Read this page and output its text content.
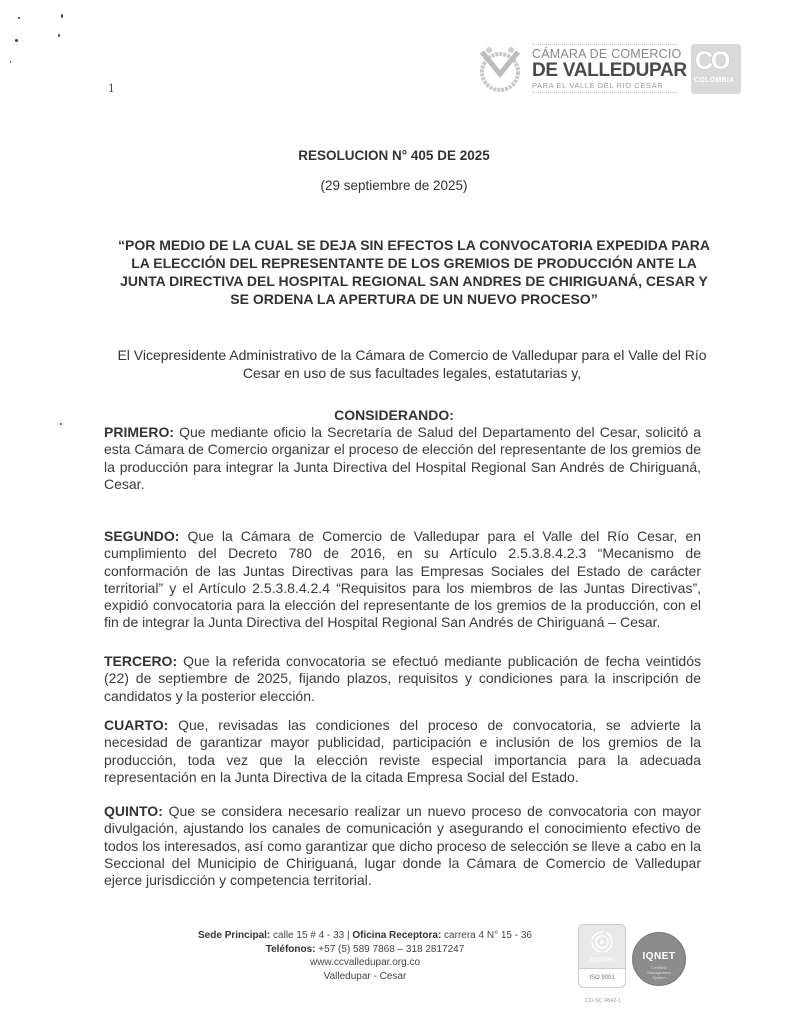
1
CÁMARA DE COMERCIO
DE VALLEDUPAR
PARA EL VALLE DEL RIO CESAR
CO
COLOMBIA
RESOLUCION N° 405 DE 2025
(29 septiembre de 2025)
“POR MEDIO DE LA CUAL SE DEJA SIN EFECTOS LA CONVOCATORIA EXPEDIDA PARA LA ELECCIÓN DEL REPRESENTANTE DE LOS GREMIOS DE PRODUCCIÓN ANTE LA JUNTA DIRECTIVA DEL HOSPITAL REGIONAL SAN ANDRES DE CHIRIGUANÁ, CESAR Y SE ORDENA LA APERTURA DE UN NUEVO PROCESO”
El Vicepresidente Administrativo de la Cámara de Comercio de Valledupar para el Valle del Río Cesar en uso de sus facultades legales, estatutarias y,
CONSIDERANDO:
PRIMERO: Que mediante oficio la Secretaría de Salud del Departamento del Cesar, solicitó a esta Cámara de Comercio organizar el proceso de elección del representante de los gremios de la producción para integrar la Junta Directiva del Hospital Regional San Andrés de Chiriguaná, Cesar.
SEGUNDO: Que la Cámara de Comercio de Valledupar para el Valle del Río Cesar, en cumplimiento del Decreto 780 de 2016, en su Artículo 2.5.3.8.4.2.3 “Mecanismo de conformación de las Juntas Directivas para las Empresas Sociales del Estado de carácter territorial” y el Artículo 2.5.3.8.4.2.4 “Requisitos para los miembros de las Juntas Directivas”, expidió convocatoria para la elección del representante de los gremios de la producción, con el fin de integrar la Junta Directiva del Hospital Regional San Andrés de Chiriguaná – Cesar.
TERCERO: Que la referida convocatoria se efectuó mediante publicación de fecha veintidós (22) de septiembre de 2025, fijando plazos, requisitos y condiciones para la inscripción de candidatos y la posterior elección.
CUARTO: Que, revisadas las condiciones del proceso de convocatoria, se advierte la necesidad de garantizar mayor publicidad, participación e inclusión de los gremios de la producción, toda vez que la elección reviste especial importancia para la adecuada representación en la Junta Directiva de la citada Empresa Social del Estado.
QUINTO: Que se considera necesario realizar un nuevo proceso de convocatoria con mayor divulgación, ajustando los canales de comunicación y asegurando el conocimiento efectivo de todos los interesados, así como garantizar que dicho proceso de selección se lleve a cabo en la Seccional del Municipio de Chiriguaná, lugar donde la Cámara de Comercio de Valledupar ejerce jurisdicción y competencia territorial.
Sede Principal: calle 15 # 4 - 33 | Oficina Receptora: carrera 4 N° 15 - 36
Teléfonos: +57 (5) 589 7868 – 318 2817247
www.ccvalledupar.org.co
Valledupar - Cesar
icontec
ISO 9001
CO-SC 4842-1
IQNET
Certified Management System
